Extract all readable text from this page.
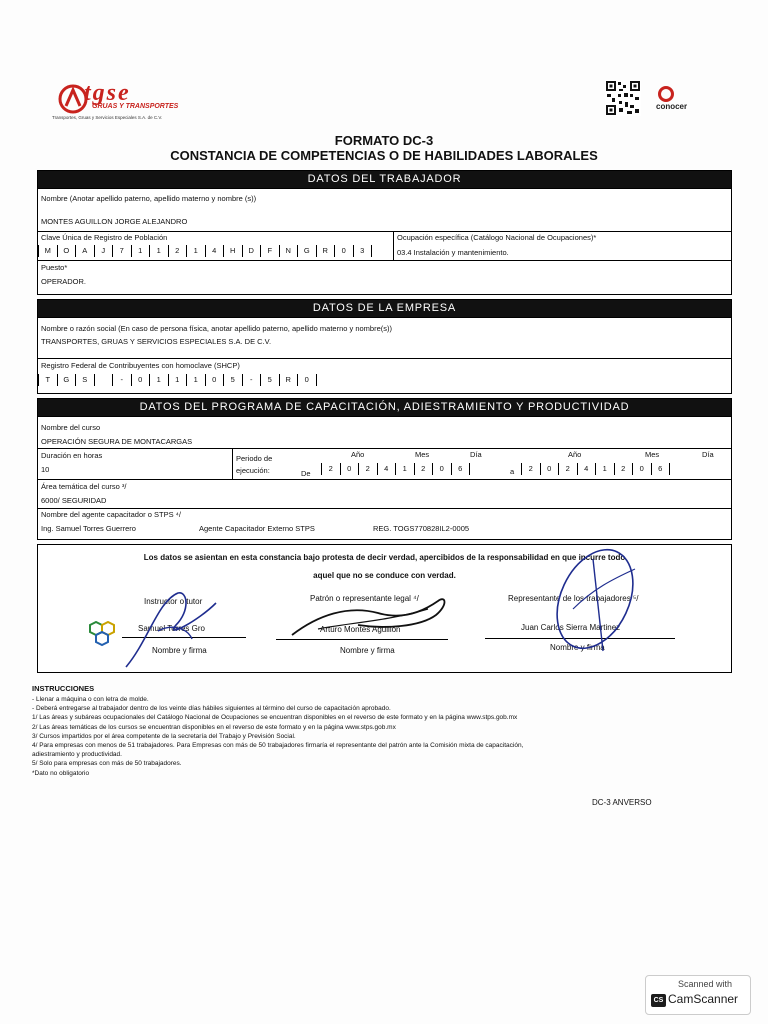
tgse
GRUAS Y TRANSPORTES
Transportes, Gruas y Servicios Especiales S.A. de C.V.
conocer
FORMATO DC-3
CONSTANCIA DE COMPETENCIAS O DE HABILIDADES LABORALES
DATOS DEL TRABAJADOR
Nombre (Anotar apellido paterno, apellido materno y nombre (s))
MONTES AGUILLON JORGE ALEJANDRO
Clave Única de Registro de Población
M	O	A	J	7	1	1	2	1	4	H	D	F	N	G	R	0	3
Ocupación específica (Catálogo Nacional de Ocupaciones)*
03.4 Instalación y mantenimiento.
Puesto*
OPERADOR.
DATOS DE LA EMPRESA
Nombre o razón social (En caso de persona física, anotar apellido paterno, apellido materno y nombre(s))
TRANSPORTES, GRUAS Y SERVICIOS ESPECIALES S.A. DE C.V.
Registro Federal de Contribuyentes con homoclave (SHCP)
T	G	S	-	0	1	1	1	0	5	-	5	R	0
DATOS DEL PROGRAMA DE CAPACITACIÓN, ADIESTRAMIENTO Y PRODUCTIVIDAD
Nombre del curso
OPERACIÓN SEGURA DE MONTACARGAS
Duración en horas
10
Periodo de
ejecución:	De
Año	Mes	Día
2	0	2	4	1	2	0	6	a
Año	Mes	Día
2	0	2	4	1	2	0	6
Área temática del curso ³/
6000/ SEGURIDAD
Nombre del agente capacitador o STPS ⁴/
Ing. Samuel Torres Guerrero	Agente Capacitador Externo STPS	REG. TOGS770828IL2-0005
Los datos se asientan en esta constancia bajo protesta de decir verdad, apercibidos de la responsabilidad en que incurre todo
aquel que no se conduce con verdad.
Instructor o tutor
Samuel Torres Gro
Nombre y firma
Patrón o representante legal ⁴/
Arturo Montes Aguillón
Nombre y firma
Representante de los trabajadores ⁵/
Juan Carlos Sierra Martinez
Nombre y firma
INSTRUCCIONES
- Llenar a máquina o con letra de molde.
- Deberá entregarse al trabajador dentro de los veinte días hábiles siguientes al término del curso de capacitación aprobado.
1/ Las áreas y subáreas ocupacionales del Catálogo Nacional de Ocupaciones se encuentran disponibles en el reverso de este formato y en la página www.stps.gob.mx
2/ Las áreas temáticas de los cursos se encuentran disponibles en el reverso de este formato y en la página www.stps.gob.mx
3/ Cursos impartidos por el área competente de la secretaría del Trabajo y Previsión Social.
4/ Para empresas con menos de 51 trabajadores. Para Empresas con más de 50 trabajadores firmaría el representante del patrón ante la Comisión mixta de capacitación,
adiestramiento y productividad.
5/ Solo para empresas con más de 50 trabajadores.
*Dato no obligatorio
DC-3 ANVERSO
Scanned with
CS CamScanner
